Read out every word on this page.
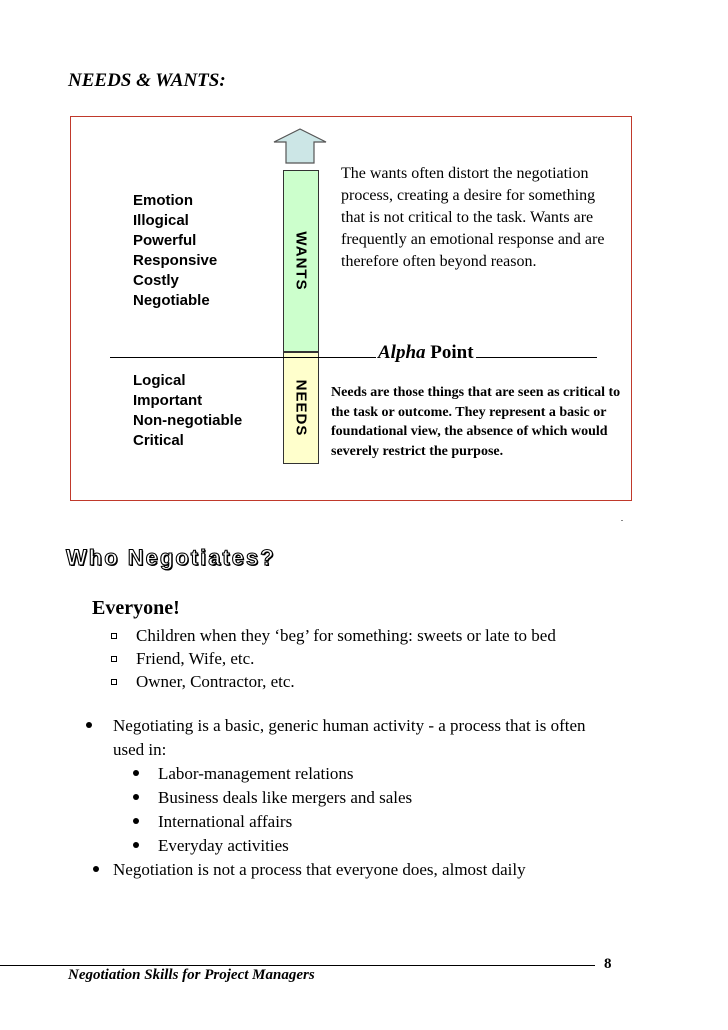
NEEDS & WANTS:
Emotion
Illogical
Powerful
Responsive
Costly
Negotiable
WANTS
NEEDS
The wants often distort the negotiation process, creating a desire for something that is not critical to the task. Wants are frequently an emotional response and are therefore often beyond reason.
Alpha Point
Logical
Important
Non-negotiable
Critical
Needs are those things that are seen as critical to the task or outcome. They represent a basic or foundational view, the absence of which would severely restrict the purpose.
Who Negotiates?
Everyone!
Children when they ‘beg’ for something: sweets or late to bed
Friend, Wife, etc.
Owner, Contractor, etc.
Negotiating is a basic, generic human activity - a process that is often
used in:
Labor-management relations
Business deals like mergers and sales
International affairs
Everyday activities
Negotiation is not a process that everyone does, almost daily
Negotiation Skills for Project Managers
8
